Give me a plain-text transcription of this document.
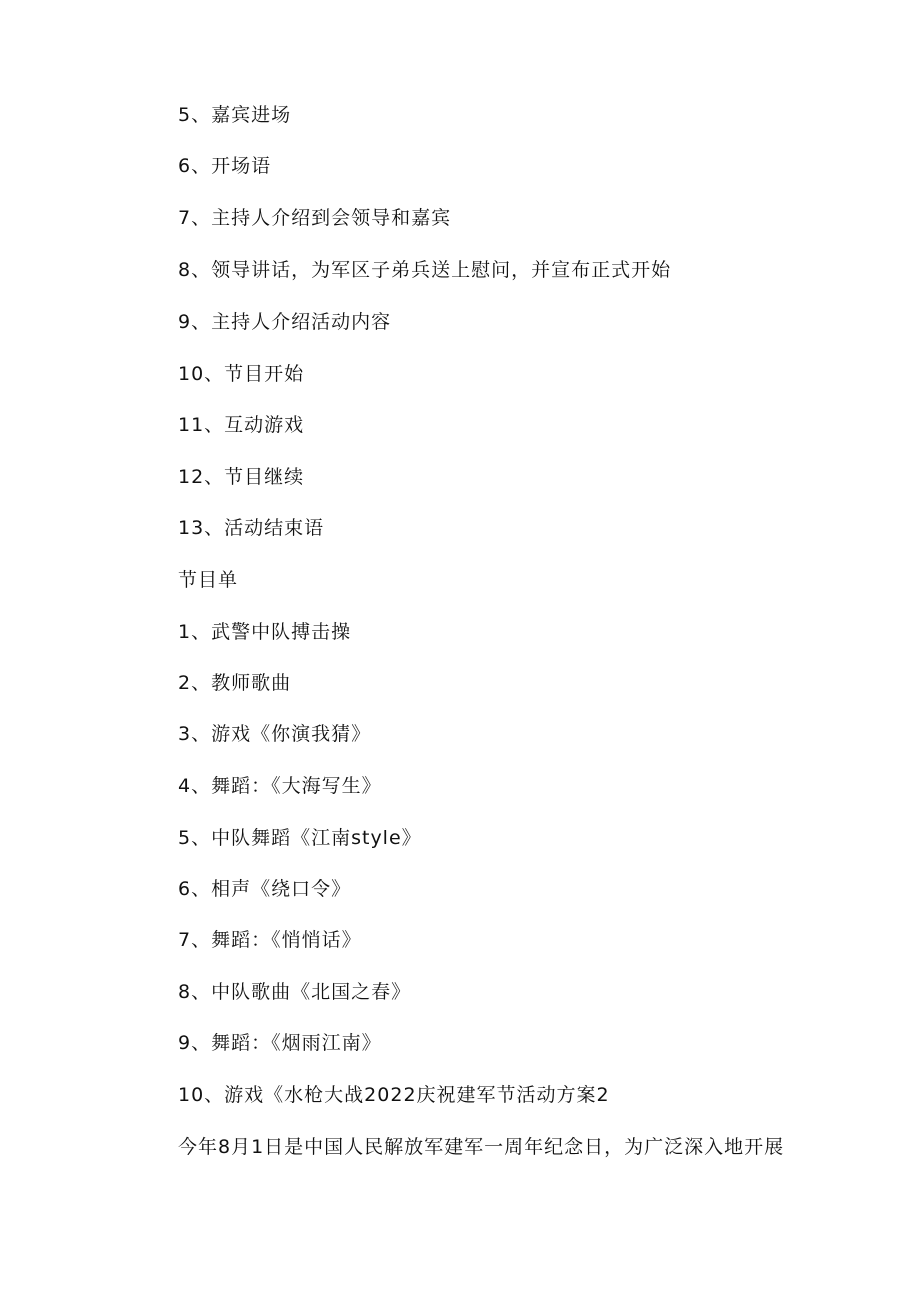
5、嘉宾进场
6、开场语
7、主持人介绍到会领导和嘉宾
8、领导讲话，为军区子弟兵送上慰问，并宣布正式开始
9、主持人介绍活动内容
10、节目开始
11、互动游戏
12、节目继续
13、活动结束语
节目单
1、武警中队搏击操
2、教师歌曲
3、游戏《你演我猜》
4、舞蹈：《大海写生》
5、中队舞蹈《江南style》
6、相声《绕口令》
7、舞蹈：《悄悄话》
8、中队歌曲《北国之春》
9、舞蹈：《烟雨江南》
10、游戏《水枪大战2022庆祝建军节活动方案2
今年8月1日是中国人民解放军建军一周年纪念日，为广泛深入地开展
